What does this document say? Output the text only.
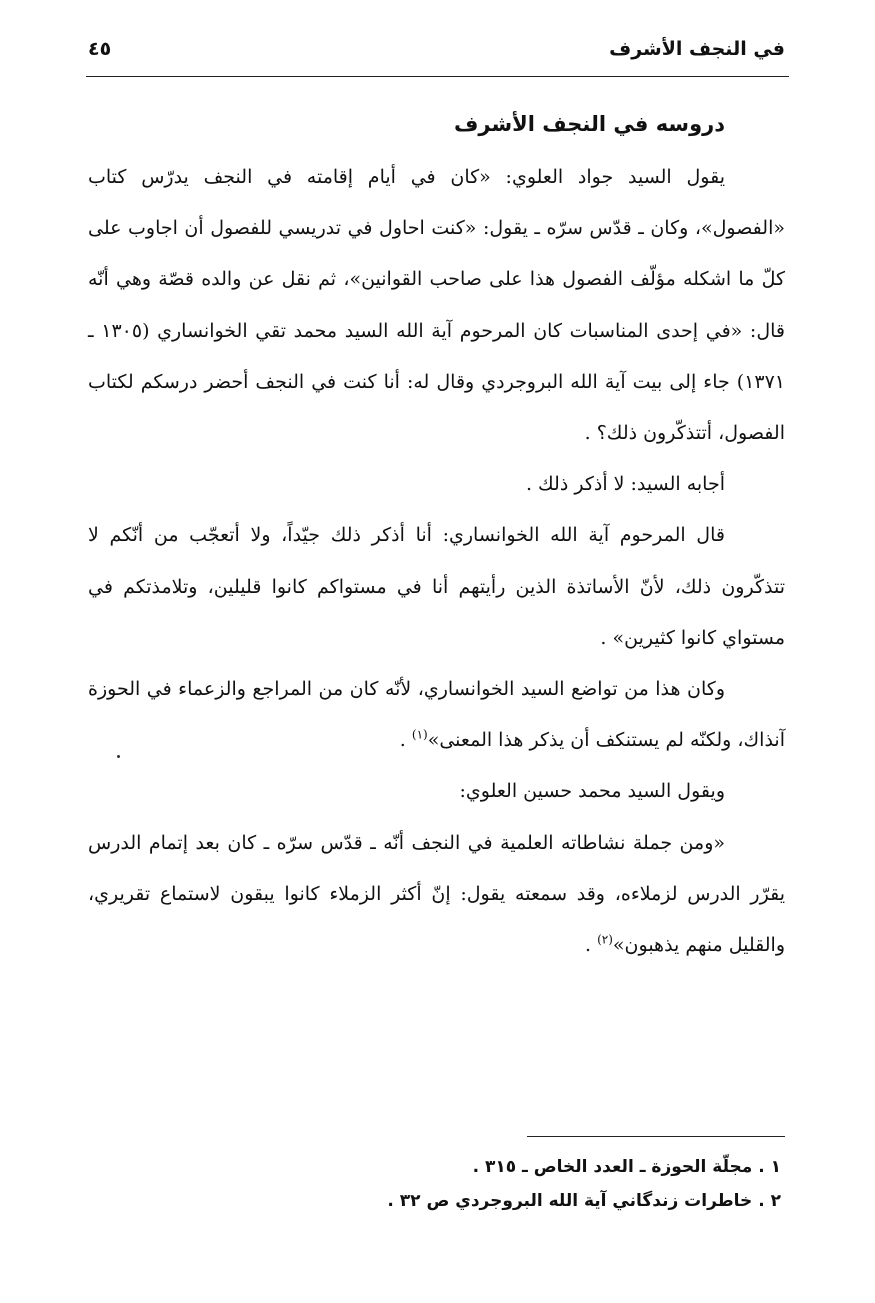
في النجف الأشرف
٤٥
دروسه في النجف الأشرف

يقول السيد جواد العلوي: «كان في أيام إقامته في النجف يدرّس كتاب «الفصول»، وكان ـ قدّس سرّه ـ يقول: «كنت احاول في تدريسي للفصول أن اجاوب على كلّ ما اشكله مؤلّف الفصول هذا على صاحب القوانين»، ثم نقل عن والده قصّة وهي أنّه قال: «في إحدى المناسبات كان المرحوم آية الله السيد محمد تقي الخوانساري (١٣٠٥ ـ ١٣٧١) جاء إلى بيت آية الله البروجردي وقال له: أنا كنت في النجف أحضر درسكم لكتاب الفصول، أتتذكّرون ذلك؟ .

أجابه السيد: لا أذكر ذلك .

قال المرحوم آية الله الخوانساري: أنا أذكر ذلك جيّداً، ولا أتعجّب من أنّكم لا تتذكّرون ذلك، لأنّ الأساتذة الذين رأيتهم أنا في مستواكم كانوا قليلين، وتلامذتكم في مستواي كانوا كثيرين» .

وكان هذا من تواضع السيد الخوانساري، لأنّه كان من المراجع والزعماء في الحوزة آنذاك، ولكنّه لم يستنكف أن يذكر هذا المعنى»$^{(١)}$ .

ويقول السيد محمد حسين العلوي:

«ومن جملة نشاطاته العلمية في النجف أنّه ـ قدّس سرّه ـ كان بعد إتمام الدرس يقرّر الدرس لزملاءه، وقد سمعته يقول: إنّ أكثر الزملاء كانوا يبقون لاستماع تقريري، والقليل منهم يذهبون»$^{(٢)}$ .

١ . مجلّة الحوزة ـ العدد الخاص ـ ٣١٥ .
٢ . خاطرات زندگاني آية الله البروجردي ص ٣٢ .
